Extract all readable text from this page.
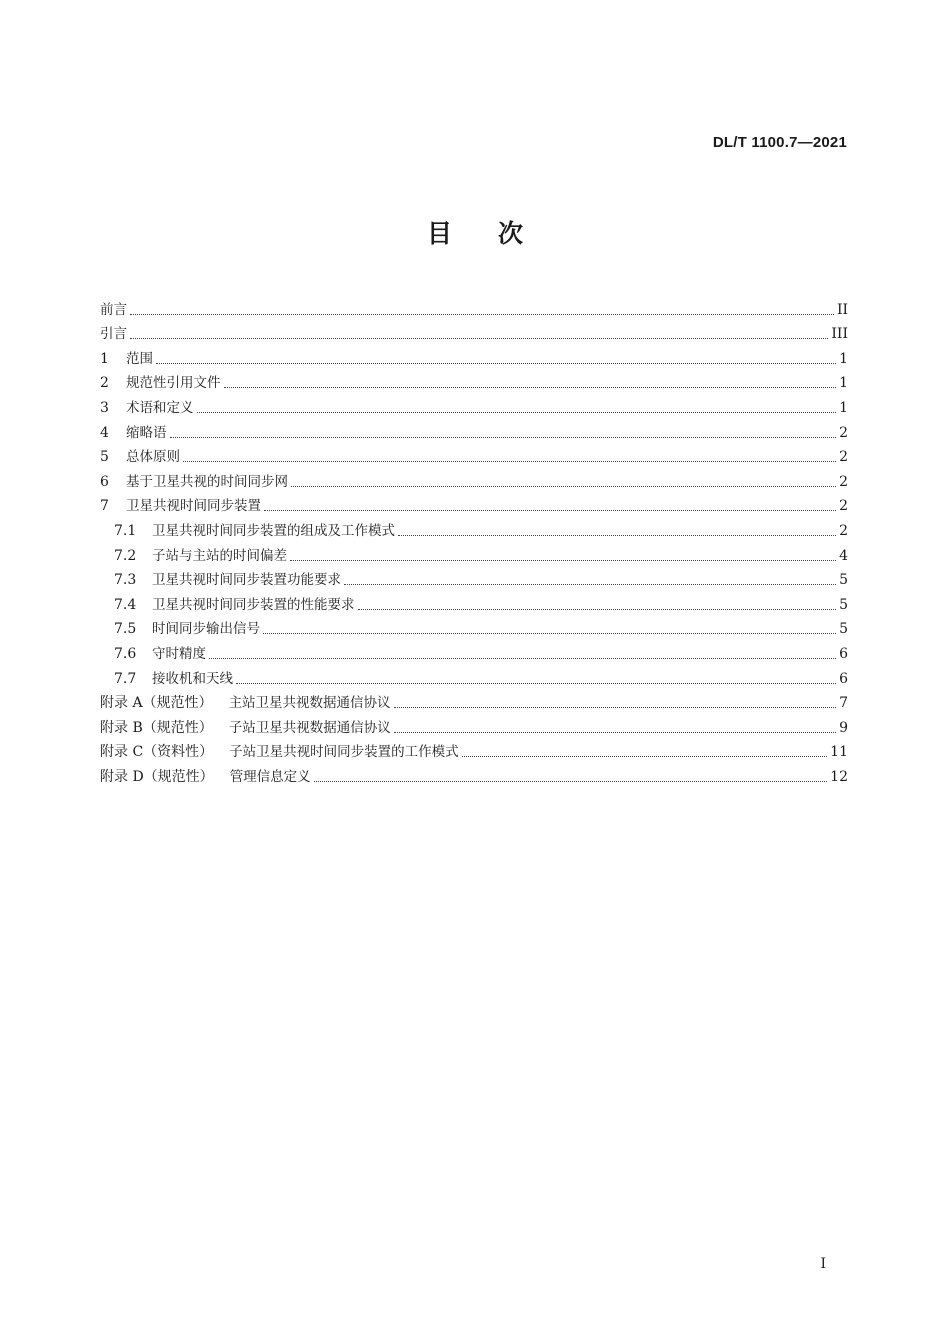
DL/T 1100.7—2021
目 次
前言	II
引言	III
1	范围	1
2	规范性引用文件	1
3	术语和定义	1
4	缩略语	2
5	总体原则	2
6	基于卫星共视的时间同步网	2
7	卫星共视时间同步装置	2
7.1	卫星共视时间同步装置的组成及工作模式	2
7.2	子站与主站的时间偏差	4
7.3	卫星共视时间同步装置功能要求	5
7.4	卫星共视时间同步装置的性能要求	5
7.5	时间同步输出信号	5
7.6	守时精度	6
7.7	接收机和天线	6
附录 A（规范性）	主站卫星共视数据通信协议	7
附录 B（规范性）	子站卫星共视数据通信协议	9
附录 C（资料性）	子站卫星共视时间同步装置的工作模式	11
附录 D（规范性）	管理信息定义	12
I
